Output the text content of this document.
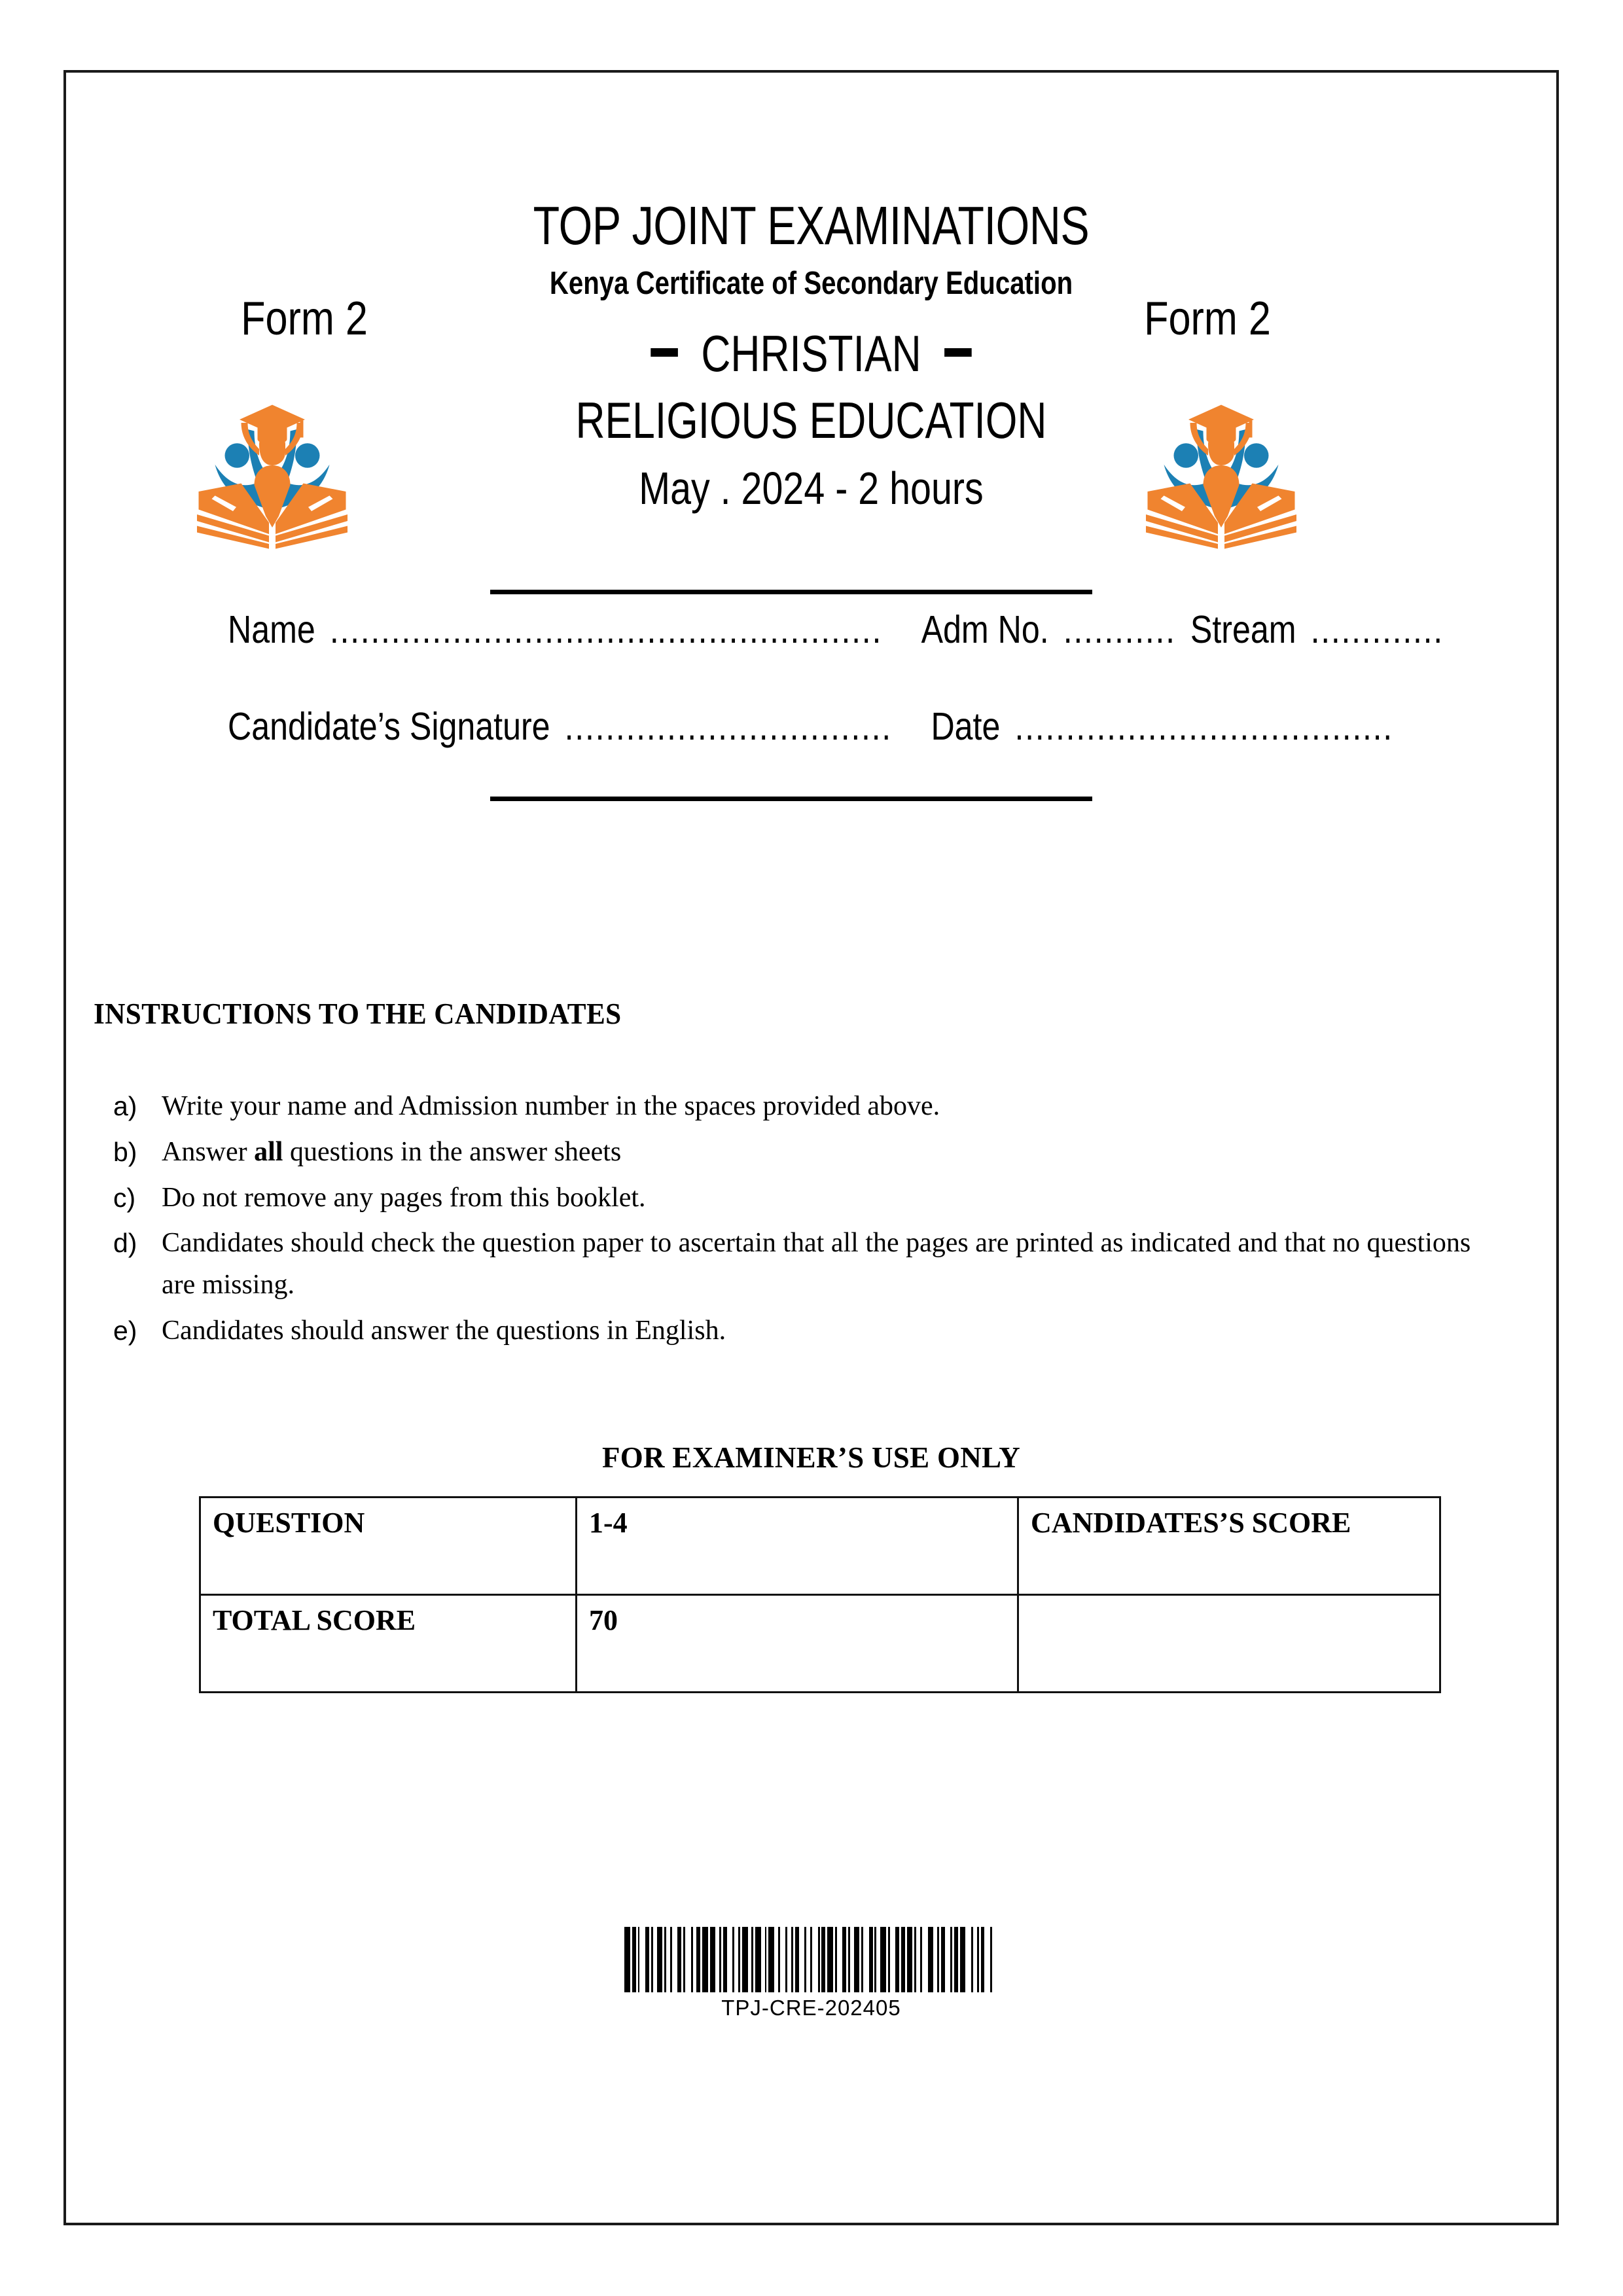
TOP JOINT EXAMINATIONS
Kenya Certificate of Secondary Education
Form 2	Form 2
CHRISTIAN
RELIGIOUS EDUCATION
May . 2024 - 2 hours
Name ...................................................... Adm No. ........... Stream .............
Candidate’s Signature ................................ Date .....................................
INSTRUCTIONS TO THE CANDIDATES
a) Write your name and Admission number in the spaces provided above.
b) Answer all questions in the answer sheets
c) Do not remove any pages from this booklet.
d) Candidates should check the question paper to ascertain that all the pages are printed as indicated and that no questions are missing.
e) Candidates should answer the questions in English.
FOR EXAMINER’S USE ONLY
QUESTION	1-4	CANDIDATES’S SCORE
TOTAL SCORE	70	
TPJ-CRE-202405
